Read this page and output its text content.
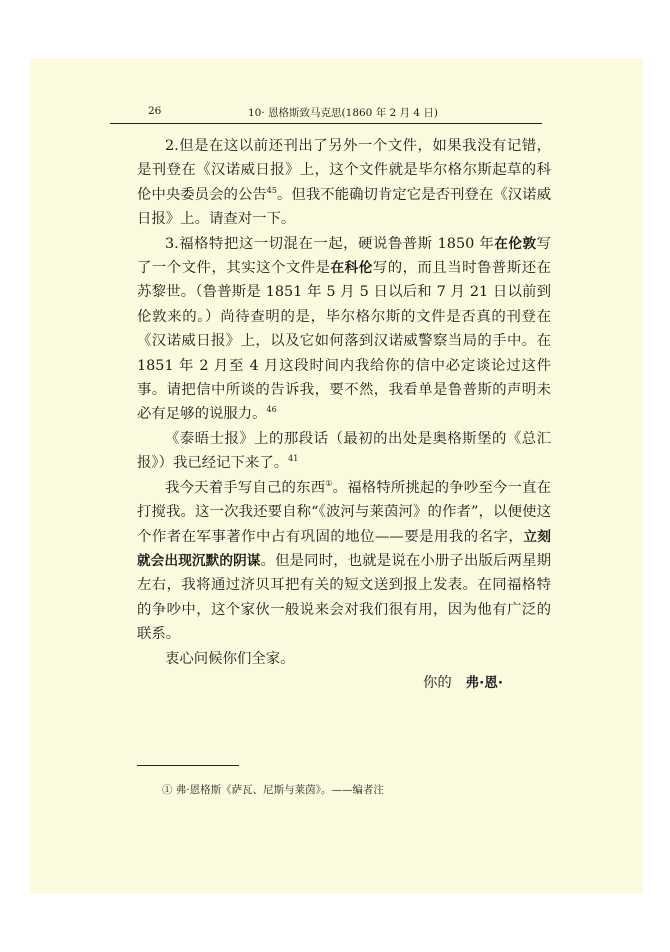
26	10· 恩格斯致马克思(1860 年 2 月 4 日)

2.但是在这以前还刊出了另外一个文件，如果我没有记错，是刊登在《汉诺威日报》上，这个文件就是毕尔格尔斯起草的科伦中央委员会的公告$^{45}$。但我不能确切肯定它是否刊登在《汉诺威日报》上。请查对一下。

3.福格特把这一切混在一起，硬说鲁普斯 1850 年在伦敦写了一个文件，其实这个文件是在科伦写的，而且当时鲁普斯还在苏黎世。（鲁普斯是 1851 年 5 月 5 日以后和 7 月 21 日以前到伦敦来的。）尚待查明的是，毕尔格尔斯的文件是否真的刊登在《汉诺威日报》上，以及它如何落到汉诺威警察当局的手中。在 1851 年 2 月至 4 月这段时间内我给你的信中必定谈论过这件事。请把信中所谈的告诉我，要不然，我看单是鲁普斯的声明未必有足够的说服力。$^{46}$

《泰晤士报》上的那段话（最初的出处是奥格斯堡的《总汇报》）我已经记下来了。$^{41}$

我今天着手写自己的东西①。福格特所挑起的争吵至今一直在打搅我。这一次我还要自称“《波河与莱茵河》的作者”，以便使这个作者在军事著作中占有巩固的地位——要是用我的名字，立刻就会出现沉默的阴谋。但是同时，也就是说在小册子出版后两星期左右，我将通过济贝耳把有关的短文送到报上发表。在同福格特的争吵中，这个家伙一般说来会对我们很有用，因为他有广泛的联系。

衷心问候你们全家。

你的 弗·恩·

① 弗·恩格斯《萨瓦、尼斯与莱茵》。——编者注
